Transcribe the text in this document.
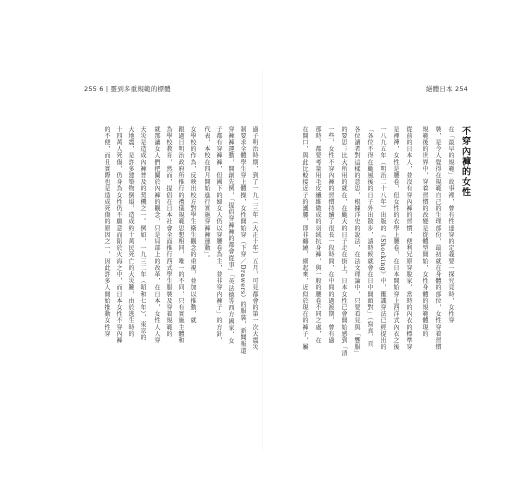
255 6 | 靈到多重規範的標體	絕體日本 254
不穿內褲的女性
在「最早的規範」故事裡，曾有性達穿的定義要一探究竟時，女性穿
裝，是令人覺得在規範自己的生理部份，最初就在身體的部位，女性穿着習慣
規範後的世界中，穿着習慣的改變是從體型開始，女性身體的規範體現的
從前的日本人，並沒有穿內褲的習慣，便利兄原穿脫家，當時的內衣的標準穿
是褌禪，女性是腰卷，但女性的衣學上腰卷，在日本開始穿上西洋式內衣之後
一八九五年（明治二十八年）出版的《Shocking》中，鑑識穿法已經提出的
「各位不得在颱風後的日子外出散步，請時候就會在日中開頭對」（寫真、頁
各位讀者對這樣的意思，根據洋史的說法，在法文理論中，只要看見與「響服」
的要思；比大所用的就在，在颱大的日子走在街上，日本女性已會開始感到「清
一些，女性不穿內褲的習慣持續了很長一段時間，在中間的過渡期，曾有過
那時，都要考量用毛皮纖維做成的羽絨抗身褲，與一般的腰卷不同之處，在
在開口，與此比較接近子的護腰，即非纏繞，細起來，近似於現在的褲子，屬
過子明治時期，到了一九二三年（大正十年）五月，可見都會的第一次大震災
制要求全體學生穿上體操，女性開始穿（下穿／Drawers）的服裝，新聞報道
穿褲褲運動，開創先例，「提倡穿褲褲的都會從事」「英法德等西方國家，女
子都有穿褲褲，但國下的婦女人仍以穿腰卷為主，並非穿内褲子」的方針，
代表，本校在四月開始進行實施穿褲褲運動」。
女學校的作為，反映出校方對學生衛生觀念的重視，並加以推動，就
跟過日明治政府所推行的禮儀規範思想相同，唯一的不同，只有實施主體和
為學校教育，然而，提倡在日本社會全面推行西式學生服裝及穿着規範的
就那讓女人們把關於內褲的觀念，只是局部上的改革，在日本，女性人人穿
天災是造成內褲普及的契機之一。例如，一九三二年（昭和七年），東京的
大地震，是許多建築物倒塌，造成約十萬民死亡的大災難，由於逃生時的
十四萬人死傷，仍身為女性仍不願意而陷於火海之中，而日本女性不穿內褲
的不便，而且實際也是造成死傷的原因之一，因此許多人開始推動女性穿
